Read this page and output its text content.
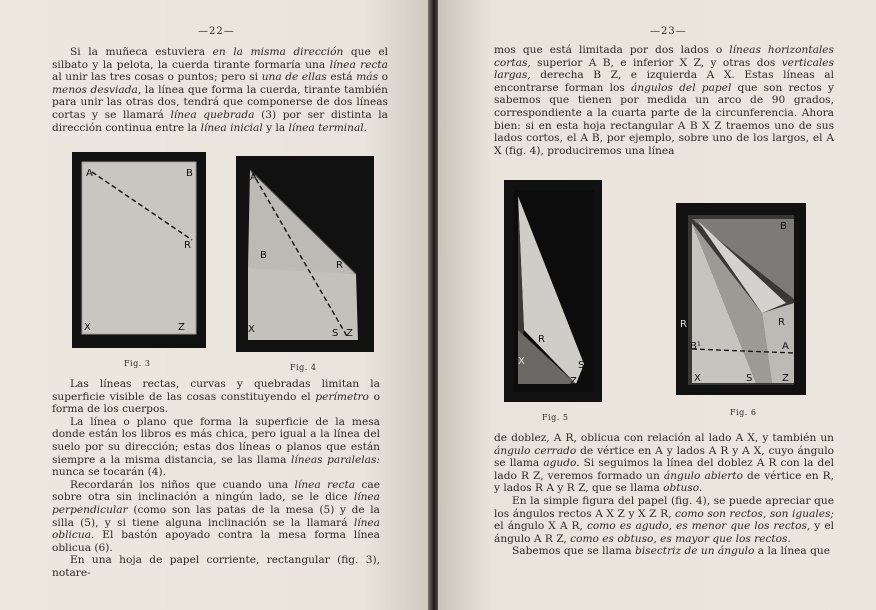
—22—

Si la muñeca estuviera en la misma dirección que el silbato y la pelota, la cuerda tirante formaría una línea recta al unir las tres cosas o puntos; pero si una de ellas está más o menos desviada, la línea que forma la cuerda, tirante también para unir las otras dos, tendrá que componerse de dos líneas cortas y se llamará línea quebrada (3) por ser distinta la dirección continua entre la línea inicial y la línea terminal.

A	B
R
X	Z
Fig. 3
A
B
R
X	S Z
Fig. 4

Las líneas rectas, curvas y quebradas limitan la superficie visible de las cosas constituyendo el perímetro o forma de los cuerpos.

La línea o plano que forma la superficie de la mesa donde están los libros es más chica, pero igual a la línea del suelo por su dirección; estas dos líneas o planos que están siempre a la misma distancia, se las llama líneas paralelas: nunca se tocarán (4).

Recordarán los niños que cuando una línea recta cae sobre otra sin inclinación a ningún lado, se le dice línea perpendicular (como son las patas de la mesa (5) y de la silla (5), y si tiene alguna inclinación se la llamará línea oblicua. El bastón apoyado contra la mesa forma línea oblicua (6).

En una hoja de papel corriente, rectangular (fig. 3), notare-

—23—

mos que está limitada por dos lados o líneas horizontales cortas, superior A B, e inferior X Z, y otras dos verticales largas, derecha B Z, e izquierda A X. Estas líneas al encontrarse forman los ángulos del papel que son rectos y sabemos que tienen por medida un arco de 90 grados, correspondiente a la cuarta parte de la circunferencia. Ahora bien: si en esta hoja rectangular A B X Z traemos uno de sus lados cortos, el A B, por ejemplo, sobre uno de los largos, el A X (fig. 4), produciremos una línea

R
S
X
Z
Fig. 5
B
R	R
B¹	A
X	S	Z
Fig. 6

de doblez, A R, oblicua con relación al lado A X, y también un ángulo cerrado de vértice en A y lados A R y A X, cuyo ángulo se llama agudo. Si seguimos la línea del doblez A R con la del lado R Z, veremos formado un ángulo abierto de vértice en R, y lados R A y R Z, que se llama obtuso.

En la simple figura del papel (fig. 4), se puede apreciar que los ángulos rectos A X Z y X Z R, como son rectos, son iguales; el ángulo X A R, como es agudo, es menor que los rectos, y el ángulo A R Z, como es obtuso, es mayor que los rectos.

Sabemos que se llama bisectriz de un ángulo a la línea que
